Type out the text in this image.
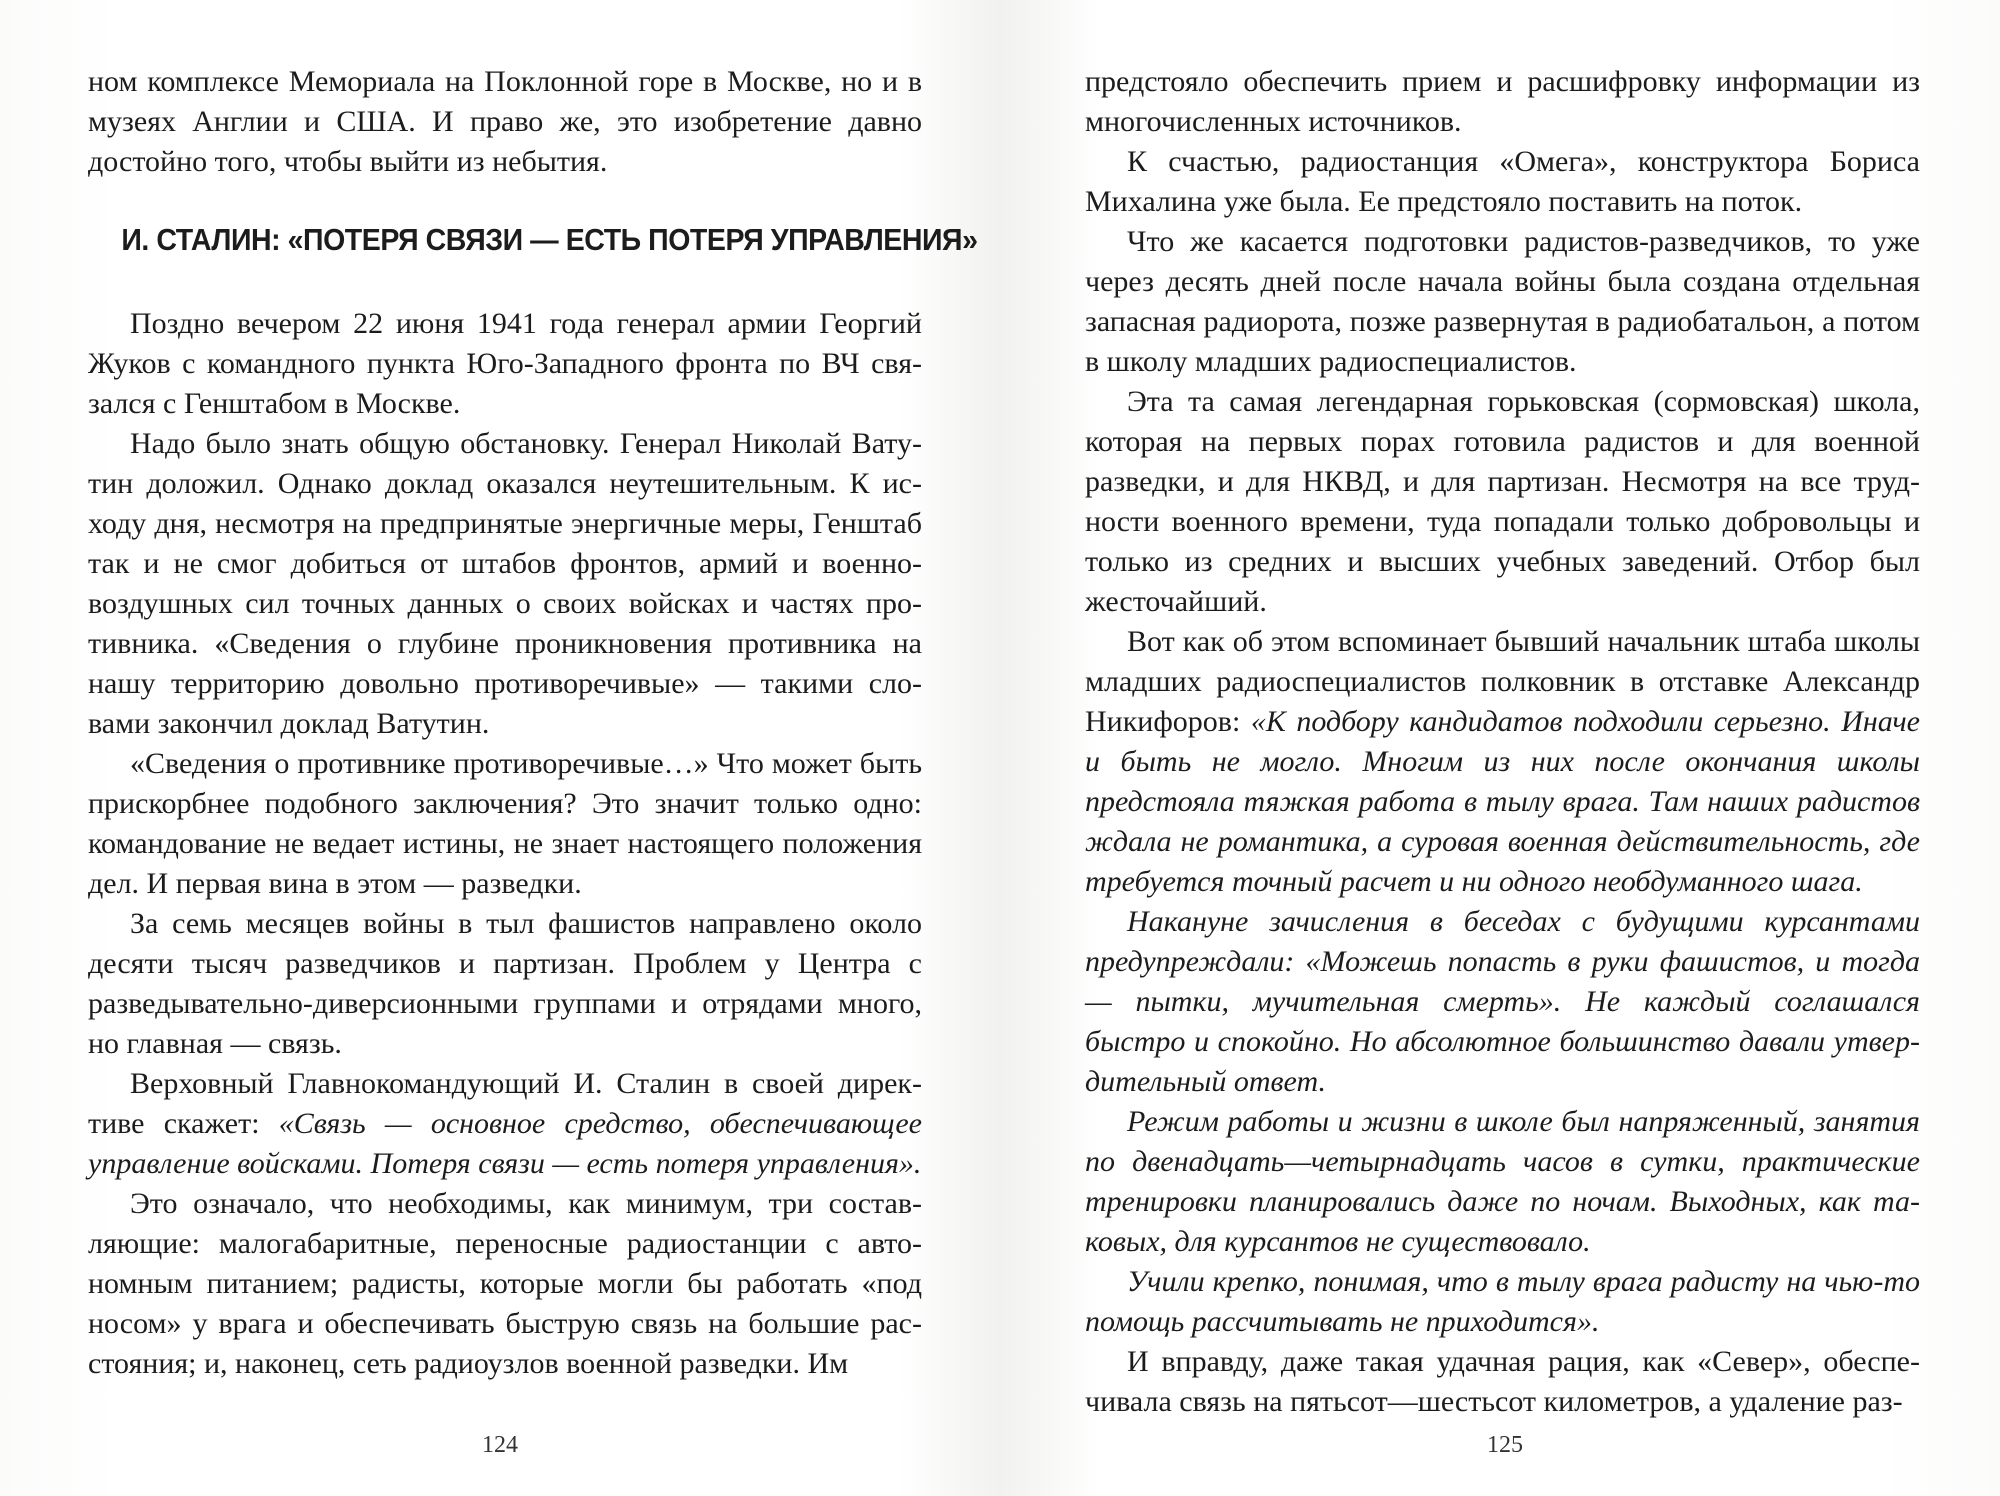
ном комплексе Мемориала на Поклонной горе в Москве, но и в музеях Англии и США. И право же, это изобретение давно достойно того, чтобы выйти из небытия.

И. СТАЛИН: «ПОТЕРЯ СВЯЗИ — ЕСТЬ ПОТЕРЯ УПРАВЛЕНИЯ»

Поздно вечером 22 июня 1941 года генерал армии Георгий Жуков с командного пункта Юго-Западного фронта по ВЧ связался с Генштабом в Москве.

Надо было знать общую обстановку. Генерал Николай Ватутин доложил. Однако доклад оказался неутешительным. К исходу дня, несмотря на предпринятые энергичные меры, Генштаб так и не смог добиться от штабов фронтов, армий и военно-воздушных сил точных данных о своих войсках и частях противника. «Сведения о глубине проникновения противника на нашу территорию довольно противоречивые» — такими словами закончил доклад Ватутин.

«Сведения о противнике противоречивые…» Что может быть прискорбнее подобного заключения? Это значит только одно: командование не ведает истины, не знает настоящего положения дел. И первая вина в этом — разведки.

За семь месяцев войны в тыл фашистов направлено около десяти тысяч разведчиков и партизан. Проблем у Центра с разведывательно-диверсионными группами и отрядами много, но главная — связь.

Верховный Главнокомандующий И. Сталин в своей директиве скажет: «Связь — основное средство, обеспечивающее управление войсками. Потеря связи — есть потеря управления».

Это означало, что необходимы, как минимум, три составляющие: малогабаритные, переносные радиостанции с автономным питанием; радисты, которые могли бы работать «под носом» у врага и обеспечивать быструю связь на большие расстояния; и, наконец, сеть радиоузлов военной разведки. Им

124

предстояло обеспечить прием и расшифровку информации из многочисленных источников.

К счастью, радиостанция «Омега», конструктора Бориса Михалина уже была. Ее предстояло поставить на поток.

Что же касается подготовки радистов-разведчиков, то уже через десять дней после начала войны была создана отдельная запасная радиорота, позже развернутая в радиобатальон, а потом в школу младших радиоспециалистов.

Эта та самая легендарная горьковская (сормовская) школа, которая на первых порах готовила радистов и для военной разведки, и для НКВД, и для партизан. Несмотря на все трудности военного времени, туда попадали только добровольцы и только из средних и высших учебных заведений. Отбор был жесточайший.

Вот как об этом вспоминает бывший начальник штаба школы младших радиоспециалистов полковник в отставке Александр Никифоров: «К подбору кандидатов подходили серьезно. Иначе и быть не могло. Многим из них после окончания школы предстояла тяжкая работа в тылу врага. Там наших радистов ждала не романтика, а суровая военная действительность, где требуется точный расчет и ни одного необдуманного шага.

Накануне зачисления в беседах с будущими курсантами предупреждали: «Можешь попасть в руки фашистов, и тогда — пытки, мучительная смерть». Не каждый соглашался быстро и спокойно. Но абсолютное большинство давали утвердительный ответ.

Режим работы и жизни в школе был напряженный, занятия по двенадцать—четырнадцать часов в сутки, практические тренировки планировались даже по ночам. Выходных, как таковых, для курсантов не существовало.

Учили крепко, понимая, что в тылу врага радисту на чью-то помощь рассчитывать не приходится».

И вправду, даже такая удачная рация, как «Север», обеспечивала связь на пятьсот—шестьсот километров, а удаление раз-

125
